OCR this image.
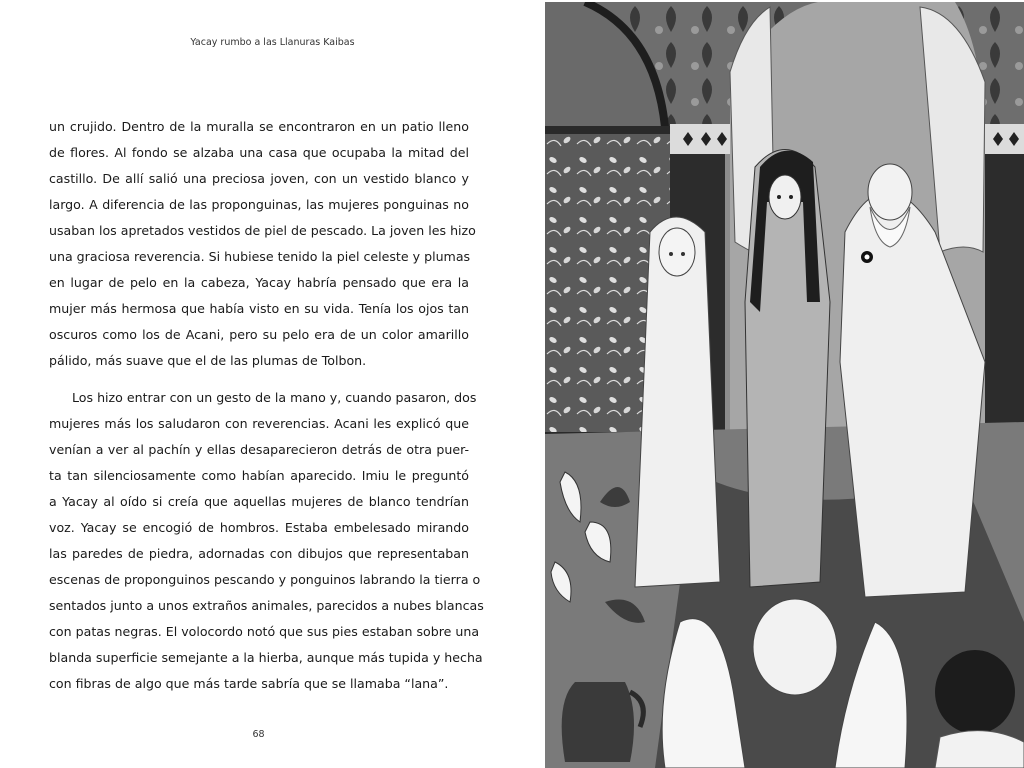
Yacay rumbo a las Llanuras Kaibas
un crujido. Dentro de la muralla se encontraron en un patio lleno
de flores. Al fondo se alzaba una casa que ocupaba la mitad del
castillo. De allí salió una preciosa joven, con un vestido blanco y
largo. A diferencia de las proponguinas, las mujeres ponguinas no
usaban los apretados vestidos de piel de pescado. La joven les hizo
una graciosa reverencia. Si hubiese tenido la piel celeste y plumas
en lugar de pelo en la cabeza, Yacay habría pensado que era la
mujer más hermosa que había visto en su vida. Tenía los ojos tan
oscuros como los de Acani, pero su pelo era de un color amarillo
pálido, más suave que el de las plumas de Tolbon.
Los hizo entrar con un gesto de la mano y, cuando pasaron, dos
mujeres más los saludaron con reverencias. Acani les explicó que
venían a ver al pachín y ellas desaparecieron detrás de otra puer-
ta tan silenciosamente como habían aparecido. Imiu le preguntó
a Yacay al oído si creía que aquellas mujeres de blanco tendrían
voz. Yacay se encogió de hombros. Estaba embelesado mirando
las paredes de piedra, adornadas con dibujos que representaban
escenas de proponguinos pescando y ponguinos labrando la tierra o
sentados junto a unos extraños animales, parecidos a nubes blancas
con patas negras. El volocordo notó que sus pies estaban sobre una
blanda superficie semejante a la hierba, aunque más tupida y hecha
con fibras de algo que más tarde sabría que se llamaba “lana”.
68
